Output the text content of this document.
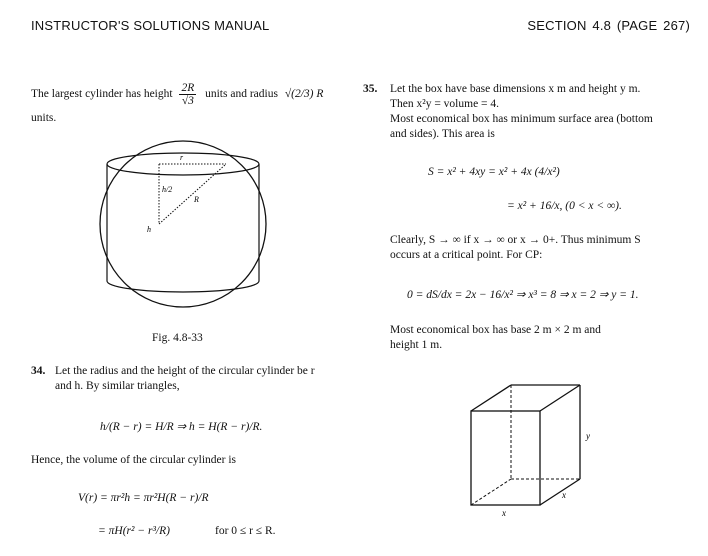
INSTRUCTOR'S SOLUTIONS MANUAL	SECTION 4.8 (PAGE 267)
The largest cylinder has height $\frac{2R}{√3}$ units and radius √(2/3) R
units.
r
h/2
R
h
Fig. 4.8-33
34. Let the radius and the height of the circular cylinder be r
and h. By similar triangles,
h/(R − r) = H/R ⇒ h = H(R − r)/R.
Hence, the volume of the circular cylinder is
V(r) = πr²h = πr²H(R − r)/R
= πH(r² − r³/R)	for 0 ≤ r ≤ R.
35. Let the box have base dimensions x m and height y m.
Then x²y = volume = 4.
Most economical box has minimum surface area (bottom
and sides). This area is
S = x² + 4xy = x² + 4x (4/x²)
= x² + 16/x, (0 < x < ∞).
Clearly, S → ∞ if x → ∞ or x → 0+. Thus minimum S
occurs at a critical point. For CP:
0 = dS/dx = 2x − 16/x² ⇒ x³ = 8 ⇒ x = 2 ⇒ y = 1.
Most economical box has base 2 m × 2 m and
height 1 m.
x
x
y
